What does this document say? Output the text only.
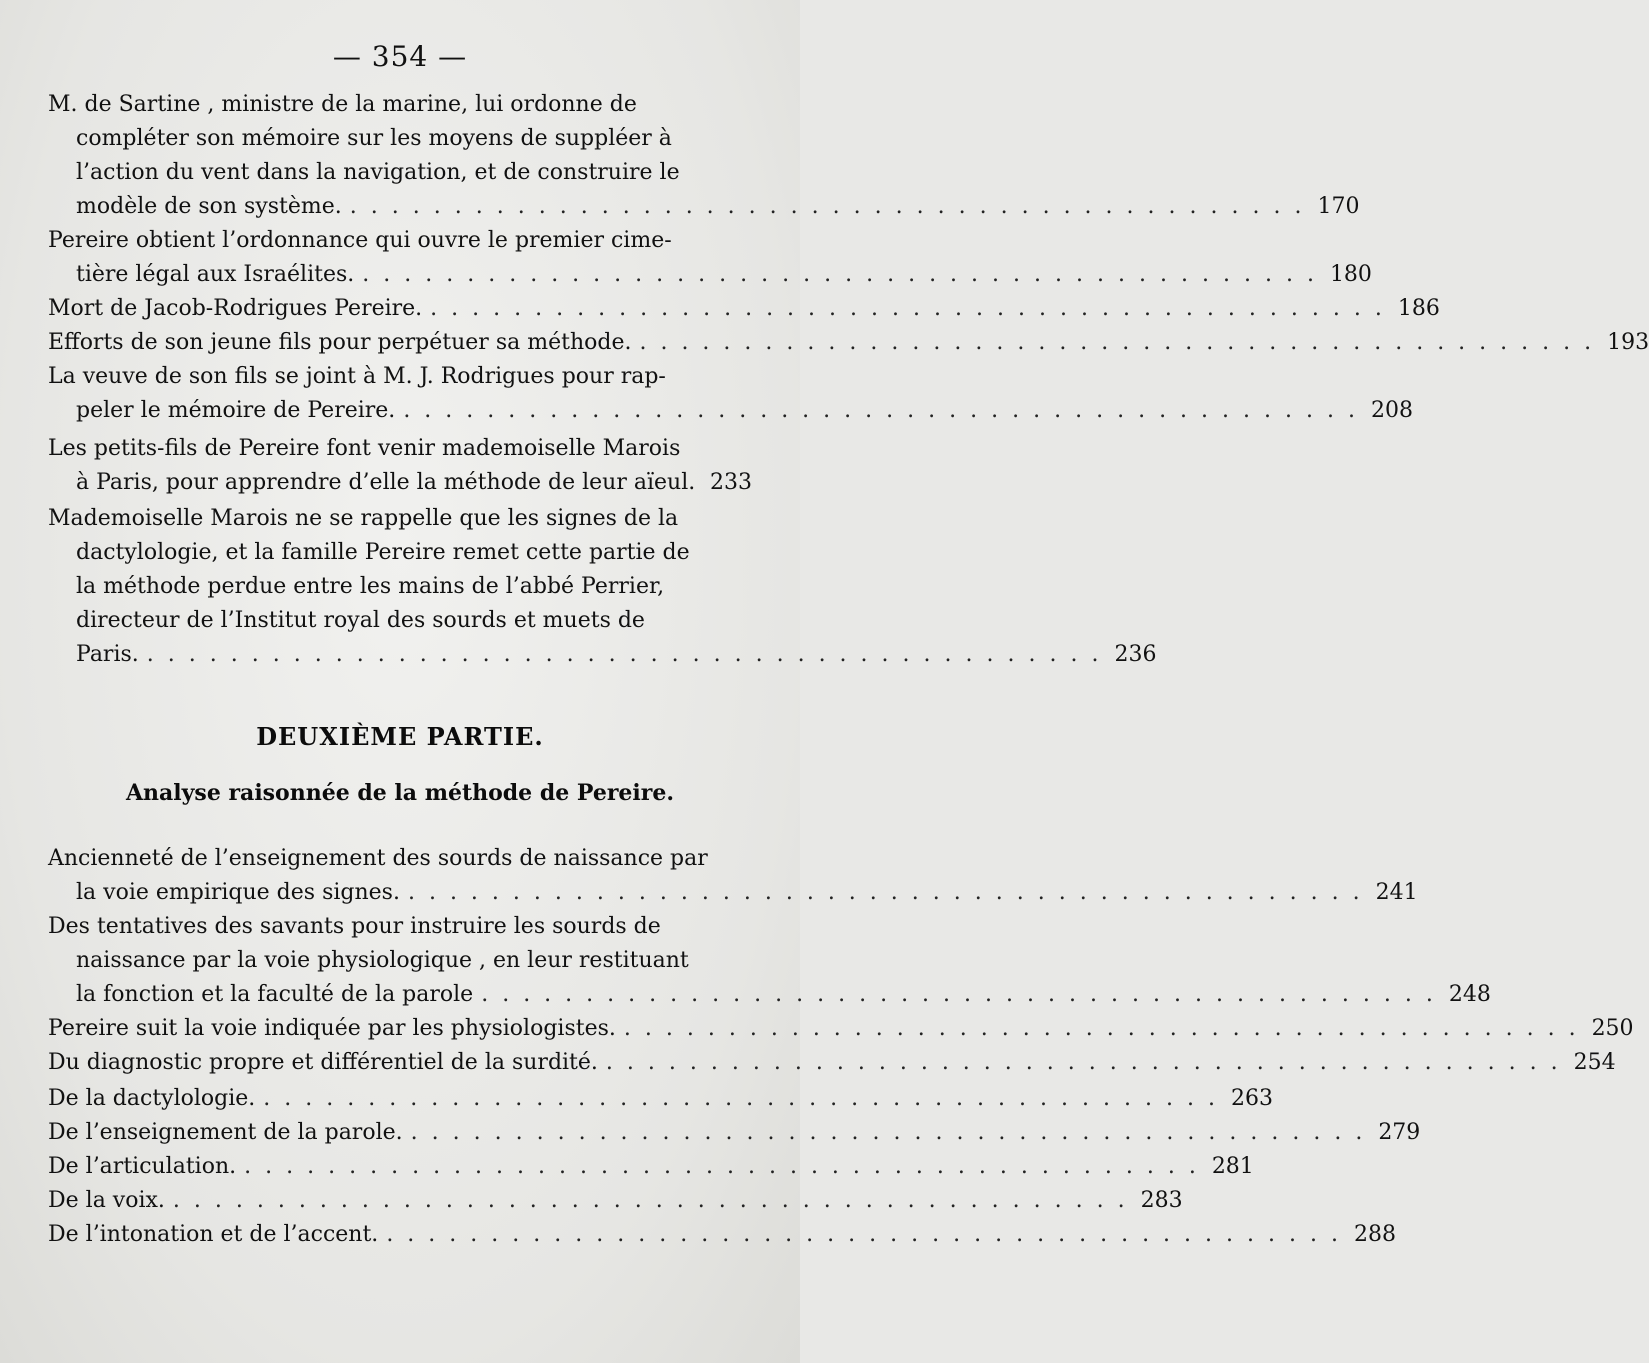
— 354 —
M. de Sartine , ministre de la marine, lui ordonne de
compléter son mémoire sur les moyens de suppléer à
l’action du vent dans la navigation, et de construire le
modèle de son système. .............................................. 170
Pereire obtient l’ordonnance qui ouvre le premier cime-
tière légal aux Israélites. .............................................. 180
Mort de Jacob-Rodrigues Pereire. .............................................. 186
Efforts de son jeune fils pour perpétuer sa méthode. .............................................. 193
La veuve de son fils se joint à M. J. Rodrigues pour rap-
peler le mémoire de Pereire. .............................................. 208
Les petits-fils de Pereire font venir mademoiselle Marois
à Paris, pour apprendre d’elle la méthode de leur aïeul. 233
Mademoiselle Marois ne se rappelle que les signes de la
dactylologie, et la famille Pereire remet cette partie de
la méthode perdue entre les mains de l’abbé Perrier,
directeur de l’Institut royal des sourds et muets de
Paris. .............................................. 236
DEUXIÈME PARTIE.
Analyse raisonnée de la méthode de Pereire.
Ancienneté de l’enseignement des sourds de naissance par
la voie empirique des signes. .............................................. 241
Des tentatives des savants pour instruire les sourds de
naissance par la voie physiologique , en leur restituant
la fonction et la faculté de la parole .............................................. 248
Pereire suit la voie indiquée par les physiologistes. .............................................. 250
Du diagnostic propre et différentiel de la surdité. .............................................. 254
De la dactylologie. .............................................. 263
De l’enseignement de la parole. .............................................. 279
De l’articulation. .............................................. 281
De la voix. .............................................. 283
De l’intonation et de l’accent. .............................................. 288
